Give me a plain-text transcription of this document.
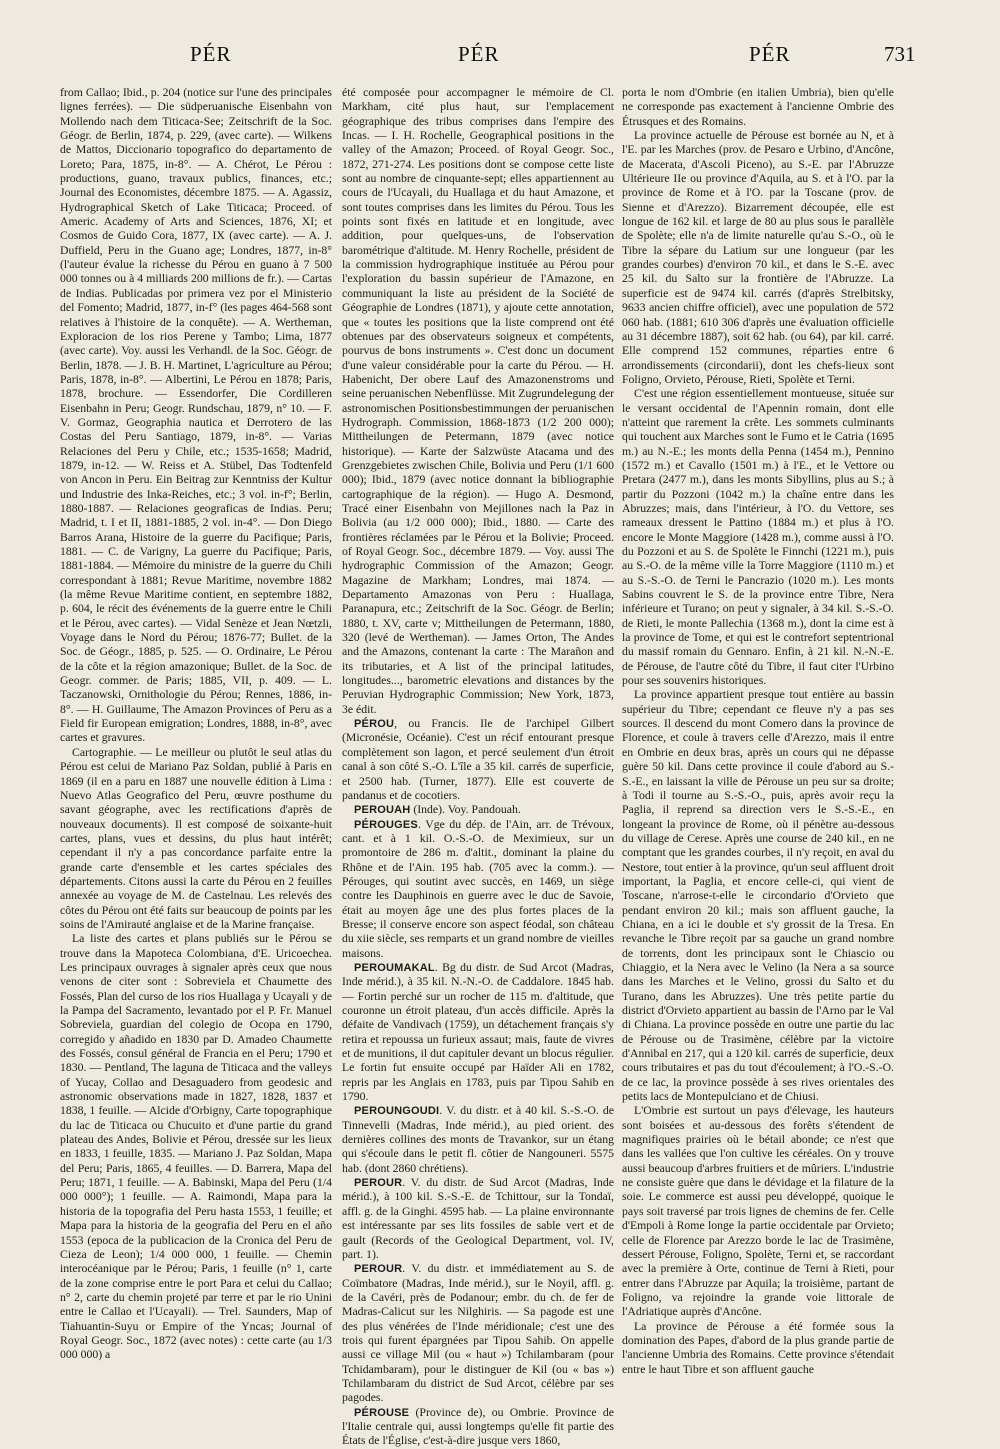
PÉR	PÉR	PÉR	731

from Callao; Ibid., p. 204 (notice sur l'une des principales lignes ferrées). — Die südperuanische Eisenbahn von Mollendo nach dem Titicaca-See; Zeitschrift de la Soc. Géogr. de Berlin, 1874, p. 229, (avec carte). — Wilkens de Mattos, Diccionario topografico do departamento de Loreto; Para, 1875, in-8°. — A. Chérot, Le Pérou : productions, guano, travaux publics, finances, etc.; Journal des Economistes, décembre 1875. — A. Agassiz, Hydrographical Sketch of Lake Titicaca; Proceed. of Americ. Academy of Arts and Sciences, 1876, XI; et Cosmos de Guido Cora, 1877, IX (avec carte). — A. J. Duffield, Peru in the Guano age; Londres, 1877, in-8° (l'auteur évalue la richesse du Pérou en guano à 7 500 000 tonnes ou à 4 milliards 200 millions de fr.). — Cartas de Indias. Publicadas por primera vez por el Ministerio del Fomento; Madrid, 1877, in-f° (les pages 464-568 sont relatives à l'histoire de la conquête). — A. Wertheman, Exploracion de los rios Perene y Tambo; Lima, 1877 (avec carte). Voy. aussi les Verhandl. de la Soc. Géogr. de Berlin, 1878. — J. B. H. Martinet, L'agriculture au Pérou; Paris, 1878, in-8°. — Albertini, Le Pérou en 1878; Paris, 1878, brochure. — Essendorfer, Die Cordilleren Eisenbahn in Peru; Geogr. Rundschau, 1879, n° 10. — F. V. Gormaz, Geographia nautica et Derrotero de las Costas del Peru Santiago, 1879, in-8°. — Varias Relaciones del Peru y Chile, etc.; 1535-1658; Madrid, 1879, in-12. — W. Reiss et A. Stübel, Das Todtenfeld von Ancon in Peru. Ein Beitrag zur Kenntniss der Kultur und Industrie des Inka-Reiches, etc.; 3 vol. in-f°; Berlin, 1880-1887. — Relaciones geograficas de Indias. Peru; Madrid, t. I et II, 1881-1885, 2 vol. in-4°. — Don Diego Barros Arana, Histoire de la guerre du Pacifique; Paris, 1881. — C. de Varigny, La guerre du Pacifique; Paris, 1881-1884. — Mémoire du ministre de la guerre du Chili correspondant à 1881; Revue Maritime, novembre 1882 (la même Revue Maritime contient, en septembre 1882, p. 604, le récit des événements de la guerre entre le Chili et le Pérou, avec cartes). — Vidal Senèze et Jean Nœtzli, Voyage dans le Nord du Pérou; 1876-77; Bullet. de la Soc. de Géogr., 1885, p. 525. — O. Ordinaire, Le Pérou de la côte et la région amazonique; Bullet. de la Soc. de Geogr. commer. de Paris; 1885, VII, p. 409. — L. Taczanowski, Ornithologie du Pérou; Rennes, 1886, in-8°. — H. Guillaume, The Amazon Provinces of Peru as a Field fir European emigration; Londres, 1888, in-8°, avec cartes et gravures.

Cartographie. — Le meilleur ou plutôt le seul atlas du Pérou est celui de Mariano Paz Soldan, publié à Paris en 1869 (il en a paru en 1887 une nouvelle édition à Lima : Nuevo Atlas Geografico del Peru, œuvre posthume du savant géographe, avec les rectifications d'après de nouveaux documents). Il est composé de soixante-huit cartes, plans, vues et dessins, du plus haut intérêt; cependant il n'y a pas concordance parfaite entre la grande carte d'ensemble et les cartes spéciales des départements. Citons aussi la carte du Pérou en 2 feuilles annexée au voyage de M. de Castelnau. Les relevés des côtes du Pérou ont été faits sur beaucoup de points par les soins de l'Amirauté anglaise et de la Marine française.

La liste des cartes et plans publiés sur le Pérou se trouve dans la Mapoteca Colombiana, d'E. Uricoechea. Les principaux ouvrages à signaler après ceux que nous venons de citer sont : Sobreviela et Chaumette des Fossés, Plan del curso de los rios Huallaga y Ucayali y de la Pampa del Sacramento, levantado por el P. Fr. Manuel Sobreviela, guardian del colegio de Ocopa en 1790, corregido y añadido en 1830 par D. Amadeo Chaumette des Fossés, consul général de Francia en el Peru; 1790 et 1830. — Pentland, The laguna de Titicaca and the valleys of Yucay, Collao and Desaguadero from geodesic and astronomic observations made in 1827, 1828, 1837 et 1838, 1 feuille. — Alcide d'Orbigny, Carte topographique du lac de Titicaca ou Chucuito et d'une partie du grand plateau des Andes, Bolivie et Pérou, dressée sur les lieux en 1833, 1 feuille, 1835. — Mariano J. Paz Soldan, Mapa del Peru; Paris, 1865, 4 feuilles. — D. Barrera, Mapa del Peru; 1871, 1 feuille. — A. Babinski, Mapa del Peru (1/4 000 000°); 1 feuille. — A. Raimondi, Mapa para la historia de la topografia del Peru hasta 1553, 1 feuille; et Mapa para la historia de la geografia del Peru en el año 1553 (epoca de la publicacion de la Cronica del Peru de Cieza de Leon); 1/4 000 000, 1 feuille. — Chemin interocéanique par le Pérou; Paris, 1 feuille (n° 1, carte de la zone comprise entre le port Para et celui du Callao; n° 2, carte du chemin projeté par terre et par le rio Unini entre le Callao et l'Ucayali). — Trel. Saunders, Map of Tiahuantin-Suyu or Empire of the Yncas; Journal of Royal Geogr. Soc., 1872 (avec notes) : cette carte (au 1/3 000 000) a

été composée pour accompagner le mémoire de Cl. Markham, cité plus haut, sur l'emplacement géographique des tribus comprises dans l'empire des Incas. — I. H. Rochelle, Geographical positions in the valley of the Amazon; Proceed. of Royal Geogr. Soc., 1872, 271-274. Les positions dont se compose cette liste sont au nombre de cinquante-sept; elles appartiennent au cours de l'Ucayali, du Huallaga et du haut Amazone, et sont toutes comprises dans les limites du Pérou. Tous les points sont fixés en latitude et en longitude, avec addition, pour quelques-uns, de l'observation barométrique d'altitude. M. Henry Rochelle, président de la commission hydrographique instituée au Pérou pour l'exploration du bassin supérieur de l'Amazone, en communiquant la liste au président de la Société de Géographie de Londres (1871), y ajoute cette annotation, que « toutes les positions que la liste comprend ont été obtenues par des observateurs soigneux et compétents, pourvus de bons instruments ». C'est donc un document d'une valeur considérable pour la carte du Pérou. — H. Habenicht, Der obere Lauf des Amazonenstroms und seine peruanischen Nebenflüsse. Mit Zugrundelegung der astronomischen Positionsbestimmungen der peruanischen Hydrograph. Commission, 1868-1873 (1/2 200 000); Mittheilungen de Petermann, 1879 (avec notice historique). — Karte der Salzwüste Atacama und des Grenzgebietes zwischen Chile, Bolivia und Peru (1/1 600 000); Ibid., 1879 (avec notice donnant la bibliographie cartographique de la région). — Hugo A. Desmond, Tracé einer Eisenbahn von Mejillones nach la Paz in Bolivia (au 1/2 000 000); Ibid., 1880. — Carte des frontières réclamées par le Pérou et la Bolivie; Proceed. of Royal Geogr. Soc., décembre 1879. — Voy. aussi The hydrographic Commission of the Amazon; Geogr. Magazine de Markham; Londres, mai 1874. — Departamento Amazonas von Peru : Huallaga, Paranapura, etc.; Zeitschrift de la Soc. Géogr. de Berlin; 1880, t. XV, carte v; Mittheilungen de Petermann, 1880, 320 (levé de Wertheman). — James Orton, The Andes and the Amazons, contenant la carte : The Marañon and its tributaries, et A list of the principal latitudes, longitudes..., barometric elevations and distances by the Peruvian Hydrographic Commission; New York, 1873, 3e édit.

PÉROU, ou Francis. Ile de l'archipel Gilbert (Micronésie, Océanie). C'est un récif entourant presque complètement son lagon, et percé seulement d'un étroit canal à son côté S.-O. L'île a 35 kil. carrés de superficie, et 2500 hab. (Turner, 1877). Elle est couverte de pandanus et de cocotiers.

PEROUAH (Inde). Voy. Pandouah.

PÉROUGES. Vge du dép. de l'Ain, arr. de Trévoux, cant. et à 1 kil. O.-S.-O. de Meximieux, sur un promontoire de 286 m. d'altit., dominant la plaine du Rhône et de l'Ain. 195 hab. (705 avec la comm.). — Pérouges, qui soutint avec succès, en 1469, un siège contre les Dauphinois en guerre avec le duc de Savoie, était au moyen âge une des plus fortes places de la Bresse; il conserve encore son aspect féodal, son château du xiie siècle, ses remparts et un grand nombre de vieilles maisons.

PEROUMAKAL. Bg du distr. de Sud Arcot (Madras, Inde mérid.), à 35 kil. N.-N.-O. de Caddalore. 1845 hab. — Fortin perché sur un rocher de 115 m. d'altitude, que couronne un étroit plateau, d'un accès difficile. Après la défaite de Vandivach (1759), un détachement français s'y retira et repoussa un furieux assaut; mais, faute de vivres et de munitions, il dut capituler devant un blocus régulier. Le fortin fut ensuite occupé par Haïder Ali en 1782, repris par les Anglais en 1783, puis par Tipou Sahib en 1790.

PEROUNGOUDI. V. du distr. et à 40 kil. S.-S.-O. de Tinnevelli (Madras, Inde mérid.), au pied orient. des dernières collines des monts de Travankor, sur un étang qui s'écoule dans le petit fl. côtier de Nangouneri. 5575 hab. (dont 2860 chrétiens).

PEROUR. V. du distr. de Sud Arcot (Madras, Inde mérid.), à 100 kil. S.-S.-E. de Tchittour, sur la Tondaï, affl. g. de la Ginghi. 4595 hab. — La plaine environnante est intéressante par ses lits fossiles de sable vert et de gault (Records of the Geological Department, vol. IV, part. 1).

PEROUR. V. du distr. et immédiatement au S. de Coïmbatore (Madras, Inde mérid.), sur le Noyil, affl. g. de la Cavéri, près de Podanour; embr. du ch. de fer de Madras-Calicut sur les Nilghiris. — Sa pagode est une des plus vénérées de l'Inde méridionale; c'est une des trois qui furent épargnées par Tipou Sahib. On appelle aussi ce village Mil (ou « haut ») Tchilambaram (pour Tchidambaram), pour le distinguer de Kil (ou « bas ») Tchilambaram du district de Sud Arcot, célèbre par ses pagodes.

PÉROUSE (Province de), ou Ombrie. Province de l'Italie centrale qui, aussi longtemps qu'elle fit partie des États de l'Église, c'est-à-dire jusque vers 1860,

porta le nom d'Ombrie (en italien Umbria), bien qu'elle ne corresponde pas exactement à l'ancienne Ombrie des Étrusques et des Romains.

La province actuelle de Pérouse est bornée au N, et à l'E. par les Marches (prov. de Pesaro e Urbino, d'Ancône, de Macerata, d'Ascoli Piceno), au S.-E. par l'Abruzze Ultérieure IIe ou province d'Aquila, au S. et à l'O. par la province de Rome et à l'O. par la Toscane (prov. de Sienne et d'Arezzo). Bizarrement découpée, elle est longue de 162 kil. et large de 80 au plus sous le parallèle de Spolète; elle n'a de limite naturelle qu'au S.-O., où le Tibre la sépare du Latium sur une longueur (par les grandes courbes) d'environ 70 kil., et dans le S.-E. avec 25 kil. du Salto sur la frontière de l'Abruzze. La superficie est de 9474 kil. carrés (d'après Strelbitsky, 9633 ancien chiffre officiel), avec une population de 572 060 hab. (1881; 610 306 d'après une évaluation officielle au 31 décembre 1887), soit 62 hab. (ou 64), par kil. carré. Elle comprend 152 communes, réparties entre 6 arrondissements (circondarii), dont les chefs-lieux sont Foligno, Orvieto, Pérouse, Rieti, Spolète et Terni.

C'est une région essentiellement montueuse, située sur le versant occidental de l'Apennin romain, dont elle n'atteint que rarement la crête. Les sommets culminants qui touchent aux Marches sont le Fumo et le Catria (1695 m.) au N.-E.; les monts della Penna (1454 m.), Pennino (1572 m.) et Cavallo (1501 m.) à l'E., et le Vettore ou Pretara (2477 m.), dans les monts Sibyllins, plus au S.; à partir du Pozzoni (1042 m.) la chaîne entre dans les Abruzzes; mais, dans l'intérieur, à l'O. du Vettore, ses rameaux dressent le Pattino (1884 m.) et plus à l'O. encore le Monte Maggiore (1428 m.), comme aussi à l'O. du Pozzoni et au S. de Spolète le Finnchi (1221 m.), puis au S.-O. de la même ville la Torre Maggiore (1110 m.) et au S.-S.-O. de Terni le Pancrazio (1020 m.). Les monts Sabins couvrent le S. de la province entre Tibre, Nera inférieure et Turano; on peut y signaler, à 34 kil. S.-S.-O. de Rieti, le monte Pallechia (1368 m.), dont la cime est à la province de Tome, et qui est le contrefort septentrional du massif romain du Gennaro. Enfin, à 21 kil. N.-N.-E. de Pérouse, de l'autre côté du Tibre, il faut citer l'Urbino pour ses souvenirs historiques.

La province appartient presque tout entière au bassin supérieur du Tibre; cependant ce fleuve n'y a pas ses sources. Il descend du mont Comero dans la province de Florence, et coule à travers celle d'Arezzo, mais il entre en Ombrie en deux bras, après un cours qui ne dépasse guère 50 kil. Dans cette province il coule d'abord au S.-S.-E., en laissant la ville de Pérouse un peu sur sa droite; à Todi il tourne au S.-S.-O., puis, après avoir reçu la Paglia, il reprend sa direction vers le S.-S.-E., en longeant la province de Rome, où il pénètre au-dessous du village de Cerese. Après une course de 240 kil., en ne comptant que les grandes courbes, il n'y reçoit, en aval du Nestore, tout entier à la province, qu'un seul affluent droit important, la Paglia, et encore celle-ci, qui vient de Toscane, n'arrose-t-elle le circondario d'Orvieto que pendant environ 20 kil.; mais son affluent gauche, la Chiana, en a ici le double et s'y grossit de la Tresa. En revanche le Tibre reçoit par sa gauche un grand nombre de torrents, dont les principaux sont le Chiascio ou Chiaggio, et la Nera avec le Velino (la Nera a sa source dans les Marches et le Velino, grossi du Salto et du Turano, dans les Abruzzes). Une très petite partie du district d'Orvieto appartient au bassin de l'Arno par le Val di Chiana. La province possède en outre une partie du lac de Pérouse ou de Trasimène, célèbre par la victoire d'Annibal en 217, qui a 120 kil. carrés de superficie, deux cours tributaires et pas du tout d'écoulement; à l'O.-S.-O. de ce lac, la province possède à ses rives orientales des petits lacs de Montepulciano et de Chiusi.

L'Ombrie est surtout un pays d'élevage, les hauteurs sont boisées et au-dessous des forêts s'étendent de magnifiques prairies où le bétail abonde; ce n'est que dans les vallées que l'on cultive les céréales. On y trouve aussi beaucoup d'arbres fruitiers et de mûriers. L'industrie ne consiste guère que dans le dévidage et la filature de la soie. Le commerce est aussi peu développé, quoique le pays soit traversé par trois lignes de chemins de fer. Celle d'Empoli à Rome longe la partie occidentale par Orvieto; celle de Florence par Arezzo borde le lac de Trasimène, dessert Pérouse, Foligno, Spolète, Terni et, se raccordant avec la première à Orte, continue de Terni à Rieti, pour entrer dans l'Abruzze par Aquila; la troisième, partant de Foligno, va rejoindre la grande voie littorale de l'Adriatique auprès d'Ancône.

La province de Pérouse a été formée sous la domination des Papes, d'abord de la plus grande partie de l'ancienne Umbria des Romains. Cette province s'étendait entre le haut Tibre et son affluent gauche
